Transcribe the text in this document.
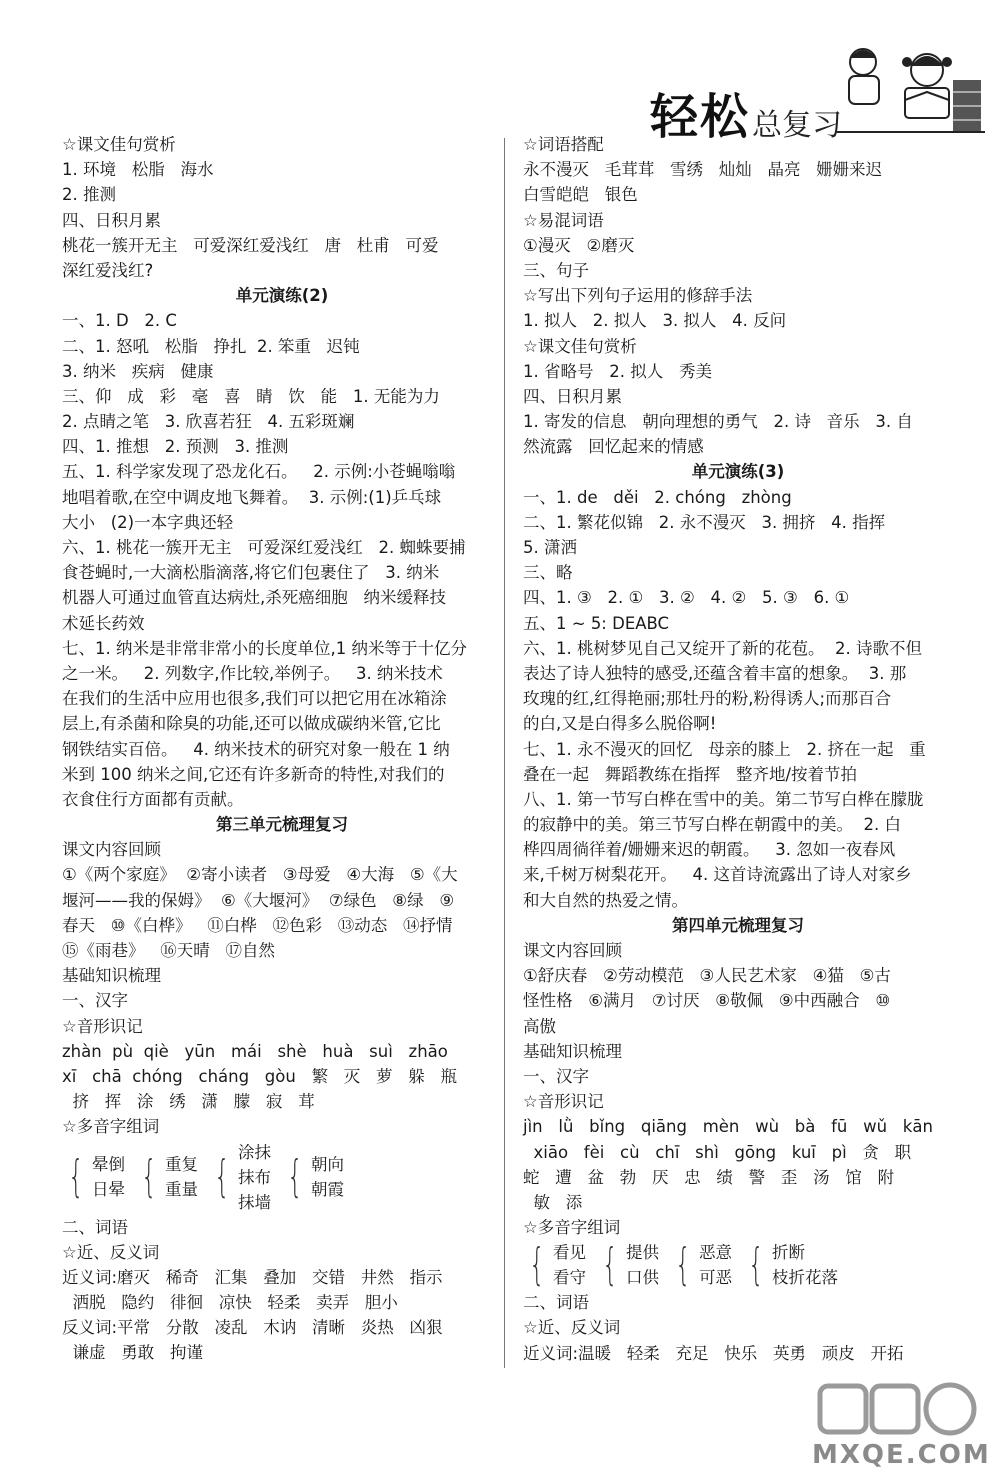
轻松 总复习
☆课文佳句赏析
1. 环境   松脂   海水
2. 推测
四、日积月累
桃花一簇开无主   可爱深红爱浅红   唐   杜甫   可爱
深红爱浅红?
单元演练(2)
一、1. D   2. C
二、1. 怒吼   松脂   挣扎  2. 笨重   迟钝
3. 纳米   疾病   健康
三、仰   成   彩   毫   喜   睛   饮   能   1. 无能为力
2. 点睛之笔   3. 欣喜若狂   4. 五彩斑斓
四、1. 推想   2. 预测   3. 推测
五、1. 科学家发现了恐龙化石。   2. 示例:小苍蝇嗡嗡
地唱着歌,在空中调皮地飞舞着。  3. 示例:(1)乒乓球
大小   (2)一本字典还轻
六、1. 桃花一簇开无主   可爱深红爱浅红   2. 蜘蛛要捕
食苍蝇时,一大滴松脂滴落,将它们包裹住了   3. 纳米
机器人可通过血管直达病灶,杀死癌细胞   纳米缓释技
术延长药效
七、1. 纳米是非常非常小的长度单位,1 纳米等于十亿分
之一米。   2. 列数字,作比较,举例子。   3. 纳米技术
在我们的生活中应用也很多,我们可以把它用在冰箱涂
层上,有杀菌和除臭的功能,还可以做成碳纳米管,它比
钢铁结实百倍。   4. 纳米技术的研究对象一般在 1 纳
米到 100 纳米之间,它还有许多新奇的特性,对我们的
衣食住行方面都有贡献。
第三单元梳理复习
课文内容回顾
①《两个家庭》  ②寄小读者   ③母爱   ④大海   ⑤《大
堰河——我的保姆》  ⑥《大堰河》  ⑦绿色   ⑧绿   ⑨
春天   ⑩《白桦》   ⑪白桦   ⑫色彩   ⑬动态   ⑭抒情
⑮《雨巷》   ⑯天晴   ⑰自然
基础知识梳理
一、汉字
☆音形识记
zhàn  pù  qiè   yūn   mái   shè   huà   suì   zhāo
xī   chā  chóng   cháng   gòu   繁   灭   萝   躲   瓶
挤   挥   涂   绣   潇   朦   寂   茸
☆多音字组词
{ 晕倒
日晕 { 重复
重量 { 涂抹
抹布
抹墙 { 朝向
朝霞
二、词语
☆近、反义词
近义词:磨灭   稀奇   汇集   叠加   交错   井然   指示
洒脱   隐约   徘徊   凉快   轻柔   卖弄   胆小
反义词:平常   分散   凌乱   木讷   清晰   炎热   凶狠
谦虚   勇敢   拘谨
☆词语搭配
永不漫灭   毛茸茸   雪绣   灿灿   晶亮   姗姗来迟
白雪皑皑   银色
☆易混词语
①漫灭   ②磨灭
三、句子
☆写出下列句子运用的修辞手法
1. 拟人   2. 拟人   3. 拟人   4. 反问
☆课文佳句赏析
1. 省略号   2. 拟人   秀美
四、日积月累
1. 寄发的信息   朝向理想的勇气   2. 诗   音乐   3. 自
然流露   回忆起来的情感
单元演练(3)
一、1. de   děi   2. chóng   zhòng
二、1. 繁花似锦   2. 永不漫灭   3. 拥挤   4. 指挥
5. 潇洒
三、略
四、1. ③   2. ①   3. ②   4. ②   5. ③   6. ①
五、1 ~ 5: DEABC
六、1. 桃树梦见自己又绽开了新的花苞。  2. 诗歌不但
表达了诗人独特的感受,还蕴含着丰富的想象。  3. 那
玫瑰的红,红得艳丽;那牡丹的粉,粉得诱人;而那百合
的白,又是白得多么脱俗啊!
七、1. 永不漫灭的回忆   母亲的膝上   2. 挤在一起   重
叠在一起   舞蹈教练在指挥   整齐地/按着节拍
八、1. 第一节写白桦在雪中的美。第二节写白桦在朦胧
的寂静中的美。第三节写白桦在朝霞中的美。  2. 白
桦四周徜徉着/姗姗来迟的朝霞。   3. 忽如一夜春风
来,千树万树梨花开。   4. 这首诗流露出了诗人对家乡
和大自然的热爱之情。
第四单元梳理复习
课文内容回顾
①舒庆春   ②劳动模范   ③人民艺术家   ④猫   ⑤古
怪性格   ⑥满月   ⑦讨厌   ⑧敬佩   ⑨中西融合   ⑩
高傲
基础知识梳理
一、汉字
☆音形识记
jìn   lǜ   bǐng   qiāng   mèn   wù   bà   fū   wǔ   kān
xiāo   fèi   cù   chī   shì   gōng   kuī   pì   贪   职
蛇   遭   盆   勃   厌   忠   绩   警   歪   汤   馆   附
敏   添
☆多音字组词
{ 看见
看守 { 提供
口供 { 恶意
可恶 { 折断
枝折花落
二、词语
☆近、反义词
近义词:温暖   轻柔   充足   快乐   英勇   顽皮   开拓
MXQE.COM
